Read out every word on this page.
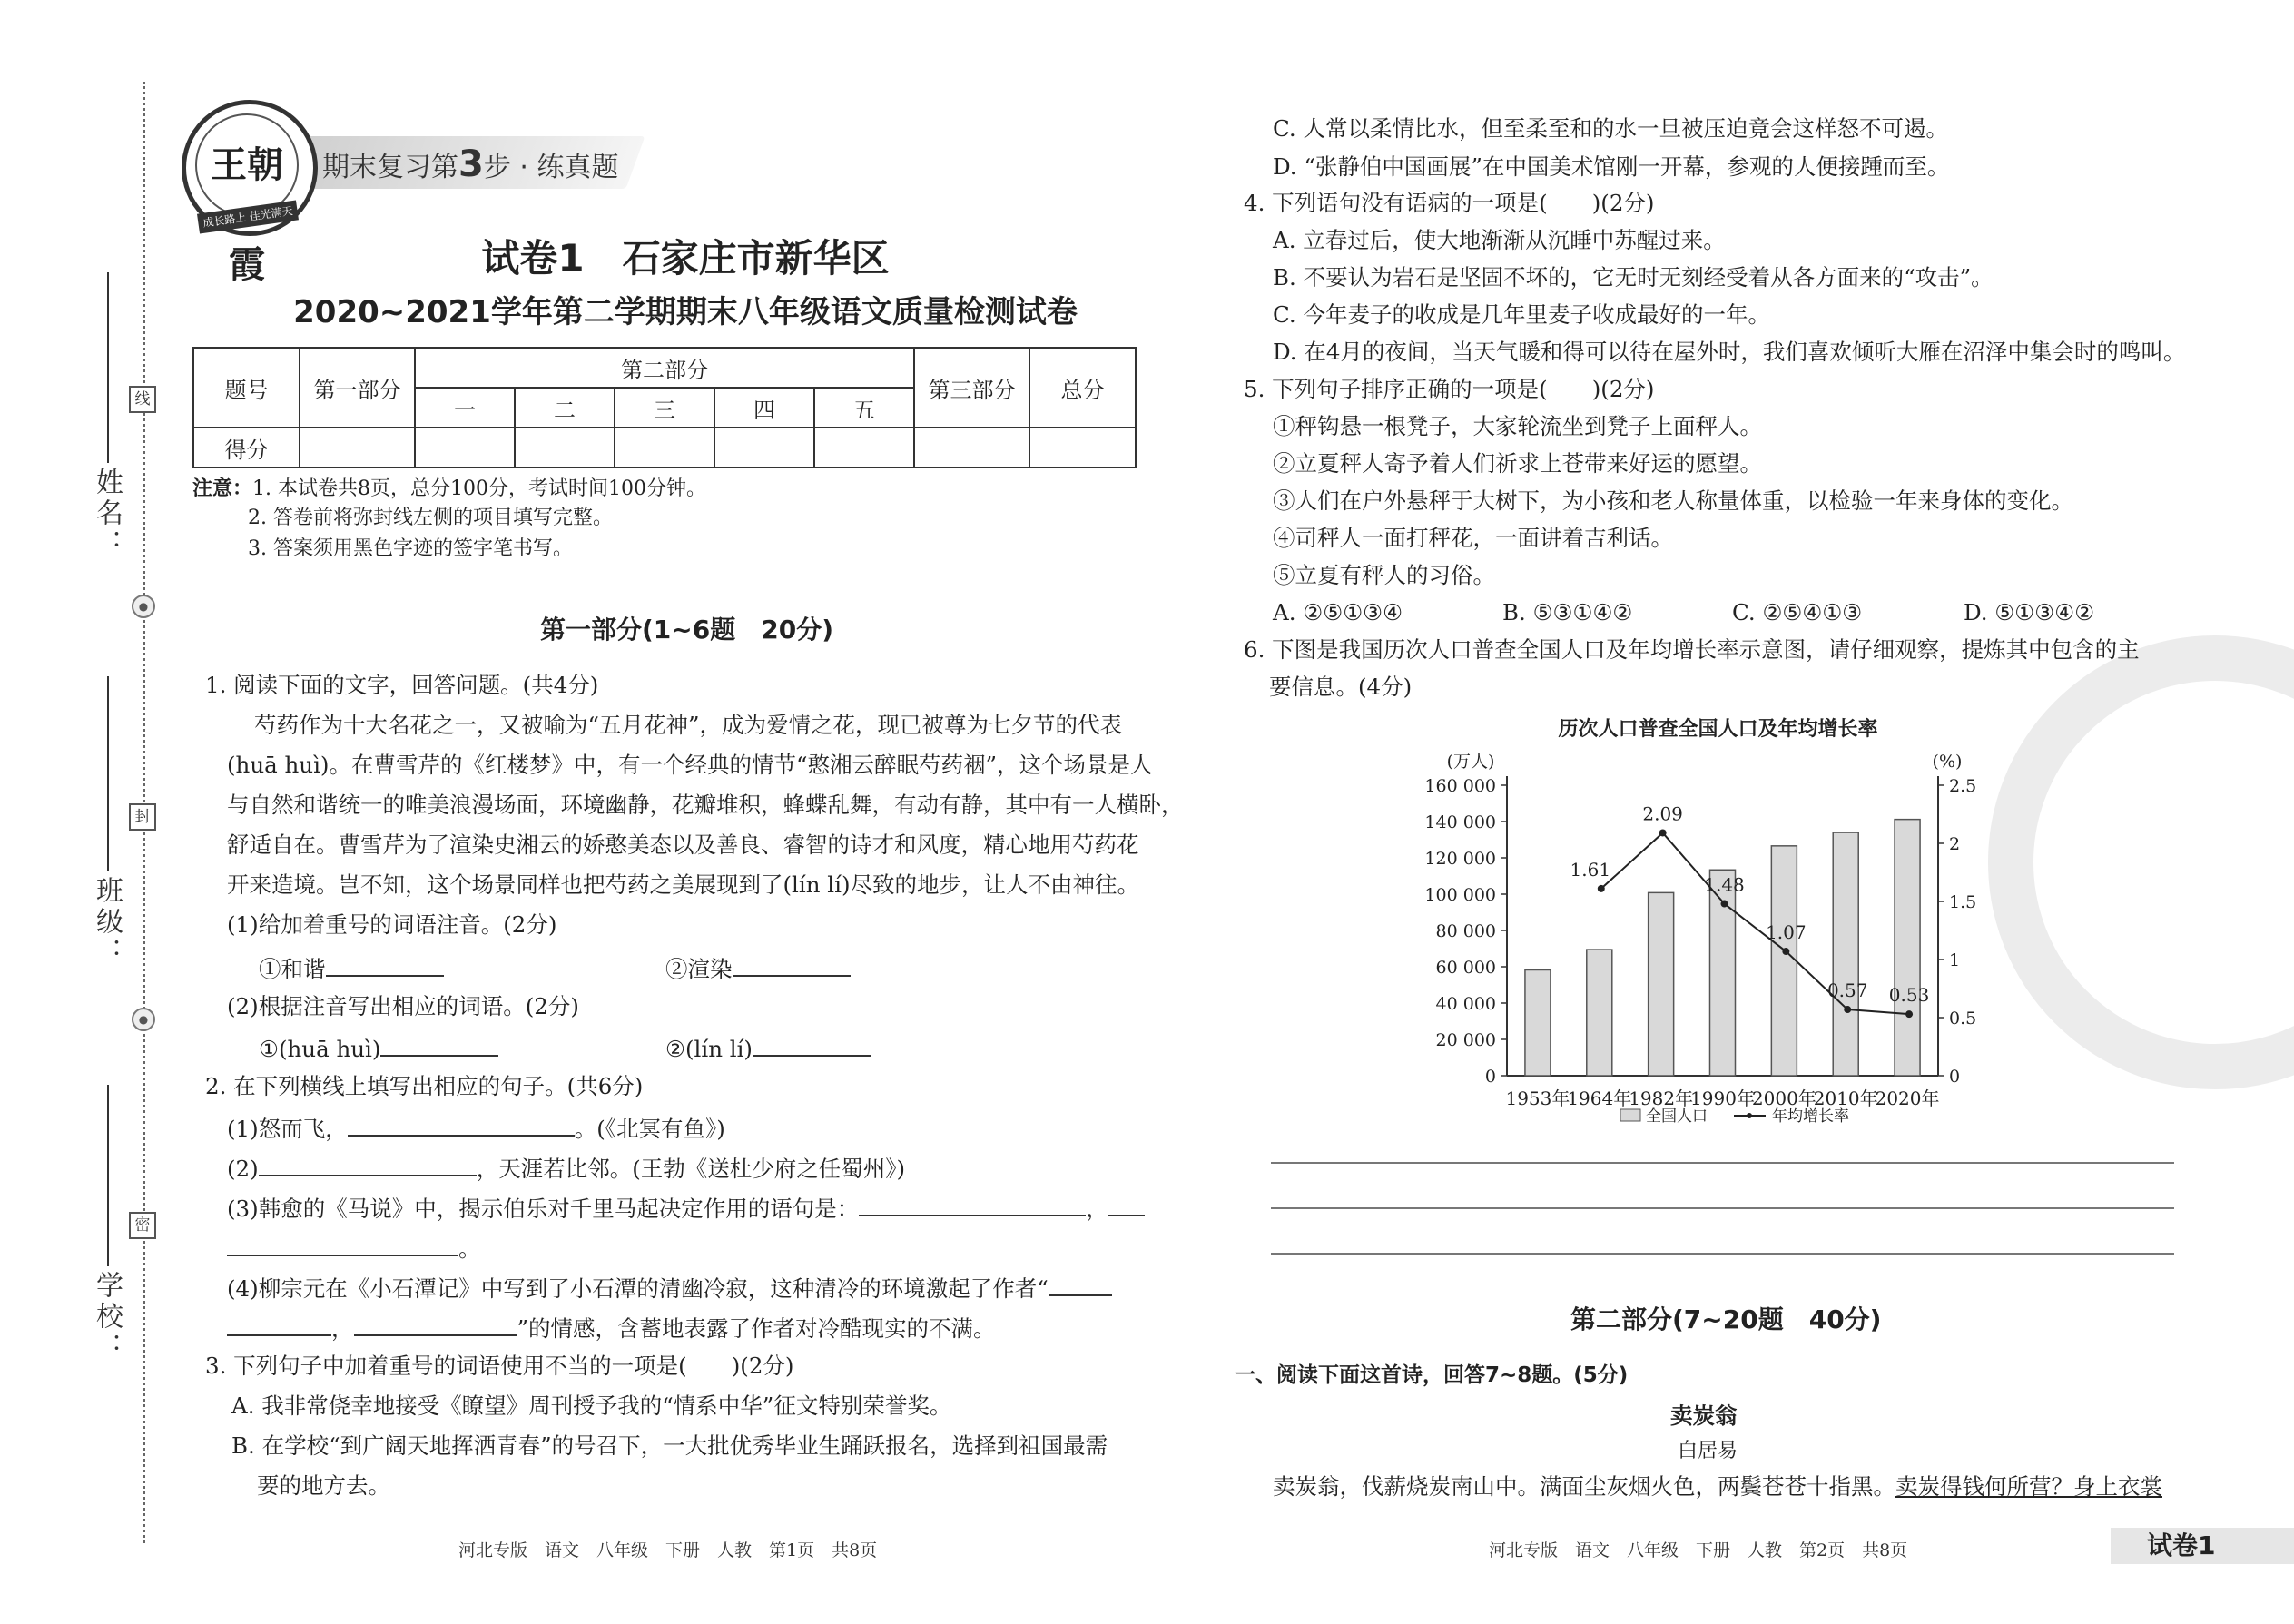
姓名：
班级：
学校：
线
封
密
●
●
期末复习第3步 · 练真题
王朝霞
成长路上 佳光满天
试卷1　石家庄市新华区
2020~2021学年第二学期期末八年级语文质量检测试卷
题号	第一部分	第二部分					第三部分	总分
		一	二	三	四	五		
得分								
注意：1. 本试卷共8页，总分100分，考试时间100分钟。
2. 答卷前将弥封线左侧的项目填写完整。
3. 答案须用黑色字迹的签字笔书写。
第一部分(1~6题　20分)
1. 阅读下面的文字，回答问题。(共4分)
芍药作为十大名花之一，又被喻为“五月花神”，成为爱情之花，现已被尊为七夕节的代表
(huā huì)。在曹雪芹的《红楼梦》中，有一个经典的情节“憨湘云醉眠芍药裀”，这个场景是人
与自然和谐统一的唯美浪漫场面，环境幽静，花瓣堆积，蜂蝶乱舞，有动有静，其中有一人横卧，
舒适自在。曹雪芹为了渲染史湘云的娇憨美态以及善良、睿智的诗才和风度，精心地用芍药花
开来造境。岂不知，这个场景同样也把芍药之美展现到了(lín lí)尽致的地步，让人不由神往。
(1)给加着重号的词语注音。(2分)
①和谐	②渲染
(2)根据注音写出相应的词语。(2分)
①(huā huì)	②(lín lí)
2. 在下列横线上填写出相应的句子。(共6分)
(1)怒而飞，	。(《北冥有鱼》)
(2)	，天涯若比邻。(王勃《送杜少府之任蜀州》)
(3)韩愈的《马说》中，揭示伯乐对千里马起决定作用的语句是：	，
。
(4)柳宗元在《小石潭记》中写到了小石潭的清幽冷寂，这种清冷的环境激起了作者“
，	”的情感，含蓄地表露了作者对冷酷现实的不满。
3. 下列句子中加着重号的词语使用不当的一项是(　　)(2分)
A. 我非常侥幸地接受《瞭望》周刊授予我的“情系中华”征文特别荣誉奖。
B. 在学校“到广阔天地挥洒青春”的号召下，一大批优秀毕业生踊跃报名，选择到祖国最需
要的地方去。
河北专版　语文　八年级　下册　人教　第1页　共8页
C. 人常以柔情比水，但至柔至和的水一旦被压迫竟会这样怒不可遏。
D. “张静伯中国画展”在中国美术馆刚一开幕，参观的人便接踵而至。
4. 下列语句没有语病的一项是(　　)(2分)
A. 立春过后，使大地渐渐从沉睡中苏醒过来。
B. 不要认为岩石是坚固不坏的，它无时无刻经受着从各方面来的“攻击”。
C. 今年麦子的收成是几年里麦子收成最好的一年。
D. 在4月的夜间，当天气暖和得可以待在屋外时，我们喜欢倾听大雁在沼泽中集会时的鸣叫。
5. 下列句子排序正确的一项是(　　)(2分)
①秤钩悬一根凳子，大家轮流坐到凳子上面秤人。
②立夏秤人寄予着人们祈求上苍带来好运的愿望。
③人们在户外悬秤于大树下，为小孩和老人称量体重，以检验一年来身体的变化。
④司秤人一面打秤花，一面讲着吉利话。
⑤立夏有秤人的习俗。
A. ②⑤①③④	B. ⑤③①④②	C. ②⑤④①③	D. ⑤①③④②
6. 下图是我国历次人口普查全国人口及年均增长率示意图，请仔细观察，提炼其中包含的主
要信息。(4分)
历次人口普查全国人口及年均增长率
0
20 000
40 000
60 000
80 000
100 000
120 000
140 000
160 000
(万人)
0
0.5
1
1.5
2
2.5
(%)
1953年
1964年
1982年
1990年
2000年
2010年
2020年
1.61
2.09
1.48
1.07
0.57 0.53
全国人口	年均增长率
第二部分(7~20题　40分)
一、阅读下面这首诗，回答7~8题。(5分)
卖炭翁
白居易
卖炭翁，伐薪烧炭南山中。满面尘灰烟火色，两鬓苍苍十指黑。卖炭得钱何所营？身上衣裳
河北专版　语文　八年级　下册　人教　第2页　共8页	试卷1
